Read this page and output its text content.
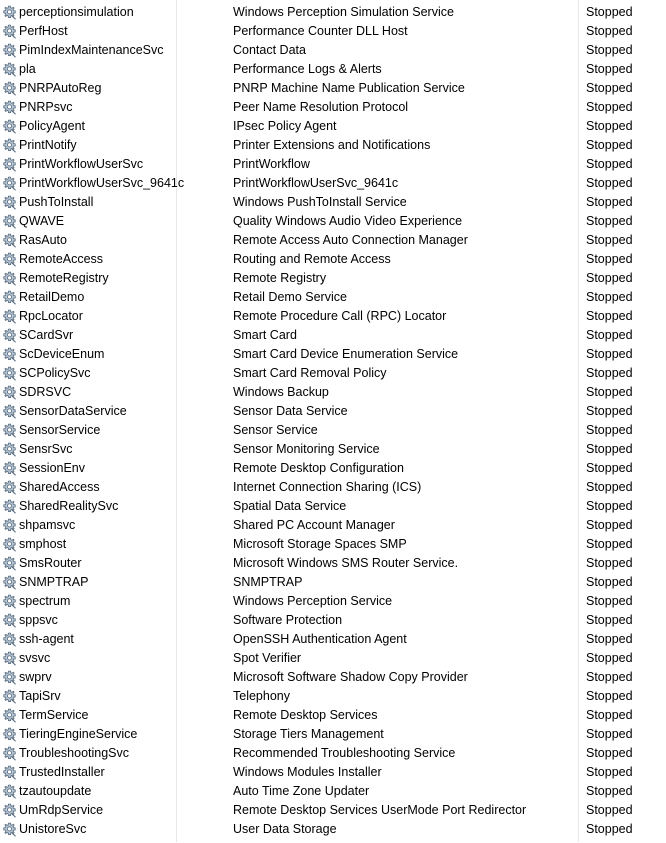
perceptionsimulation	Windows Perception Simulation Service	Stopped
PerfHost	Performance Counter DLL Host	Stopped
PimIndexMaintenanceSvc	Contact Data	Stopped
pla	Performance Logs & Alerts	Stopped
PNRPAutoReg	PNRP Machine Name Publication Service	Stopped
PNRPsvc	Peer Name Resolution Protocol	Stopped
PolicyAgent	IPsec Policy Agent	Stopped
PrintNotify	Printer Extensions and Notifications	Stopped
PrintWorkflowUserSvc	PrintWorkflow	Stopped
PrintWorkflowUserSvc_9641c	PrintWorkflowUserSvc_9641c	Stopped
PushToInstall	Windows PushToInstall Service	Stopped
QWAVE	Quality Windows Audio Video Experience	Stopped
RasAuto	Remote Access Auto Connection Manager	Stopped
RemoteAccess	Routing and Remote Access	Stopped
RemoteRegistry	Remote Registry	Stopped
RetailDemo	Retail Demo Service	Stopped
RpcLocator	Remote Procedure Call (RPC) Locator	Stopped
SCardSvr	Smart Card	Stopped
ScDeviceEnum	Smart Card Device Enumeration Service	Stopped
SCPolicySvc	Smart Card Removal Policy	Stopped
SDRSVC	Windows Backup	Stopped
SensorDataService	Sensor Data Service	Stopped
SensorService	Sensor Service	Stopped
SensrSvc	Sensor Monitoring Service	Stopped
SessionEnv	Remote Desktop Configuration	Stopped
SharedAccess	Internet Connection Sharing (ICS)	Stopped
SharedRealitySvc	Spatial Data Service	Stopped
shpamsvc	Shared PC Account Manager	Stopped
smphost	Microsoft Storage Spaces SMP	Stopped
SmsRouter	Microsoft Windows SMS Router Service.	Stopped
SNMPTRAP	SNMPTRAP	Stopped
spectrum	Windows Perception Service	Stopped
sppsvc	Software Protection	Stopped
ssh-agent	OpenSSH Authentication Agent	Stopped
svsvc	Spot Verifier	Stopped
swprv	Microsoft Software Shadow Copy Provider	Stopped
TapiSrv	Telephony	Stopped
TermService	Remote Desktop Services	Stopped
TieringEngineService	Storage Tiers Management	Stopped
TroubleshootingSvc	Recommended Troubleshooting Service	Stopped
TrustedInstaller	Windows Modules Installer	Stopped
tzautoupdate	Auto Time Zone Updater	Stopped
UmRdpService	Remote Desktop Services UserMode Port Redirector	Stopped
UnistoreSvc	User Data Storage	Stopped
